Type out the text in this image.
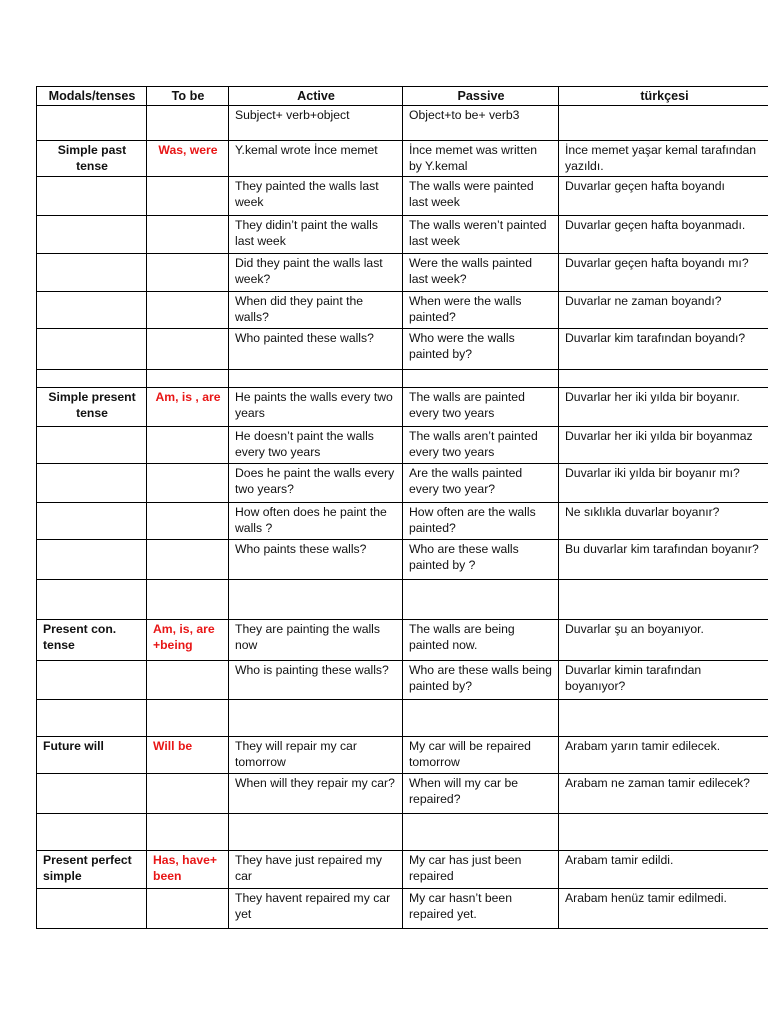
Modals/tenses	To be	Active	Passive	türkçesi
		Subject+ verb+object	Object+to be+ verb3	
Simple past tense	Was, were	Y.kemal wrote İnce memet	İnce memet was written by Y.kemal	İnce memet yaşar kemal tarafından yazıldı.
		They painted the walls last week	The walls were painted last week	Duvarlar geçen hafta boyandı
		They didin’t paint the walls last week	The walls weren’t painted last week	Duvarlar geçen hafta boyanmadı.
		Did they paint the walls last week?	Were the walls painted last week?	Duvarlar geçen hafta boyandı mı?
		When did they paint the walls?	When were the walls painted?	Duvarlar ne zaman boyandı?
		Who painted these walls?	Who were the walls painted by?	Duvarlar kim tarafından boyandı?

Simple present tense	Am, is , are	He paints the walls every two years	The walls are painted every two years	Duvarlar her iki yılda bir boyanır.
		He doesn’t paint the walls every two years	The walls aren’t painted every two years	Duvarlar her iki yılda bir boyanmaz
		Does he paint the walls every two years?	Are the walls painted every two year?	Duvarlar iki yılda bir boyanır mı?
		How often does he paint the walls ?	How often are the walls painted?	Ne sıklıkla duvarlar boyanır?
		Who paints these walls?	Who are these walls painted by ?	Bu duvarlar kim tarafından boyanır?

Present con. tense	Am, is, are +being	They are painting the walls now	The walls are being painted now.	Duvarlar şu an boyanıyor.
		Who is painting these walls?	Who are these walls being painted by?	Duvarlar kimin tarafından boyanıyor?

Future will	Will be	They will repair my car tomorrow	My car will be repaired tomorrow	Arabam yarın tamir edilecek.
		When will they repair my car?	When will my car be repaired?	Arabam ne zaman tamir edilecek?

Present perfect simple	Has, have+ been	They have just repaired my car	My car has just been repaired	Arabam tamir edildi.
		They havent repaired my car yet	My car hasn’t been repaired yet.	Arabam henüz tamir edilmedi.
